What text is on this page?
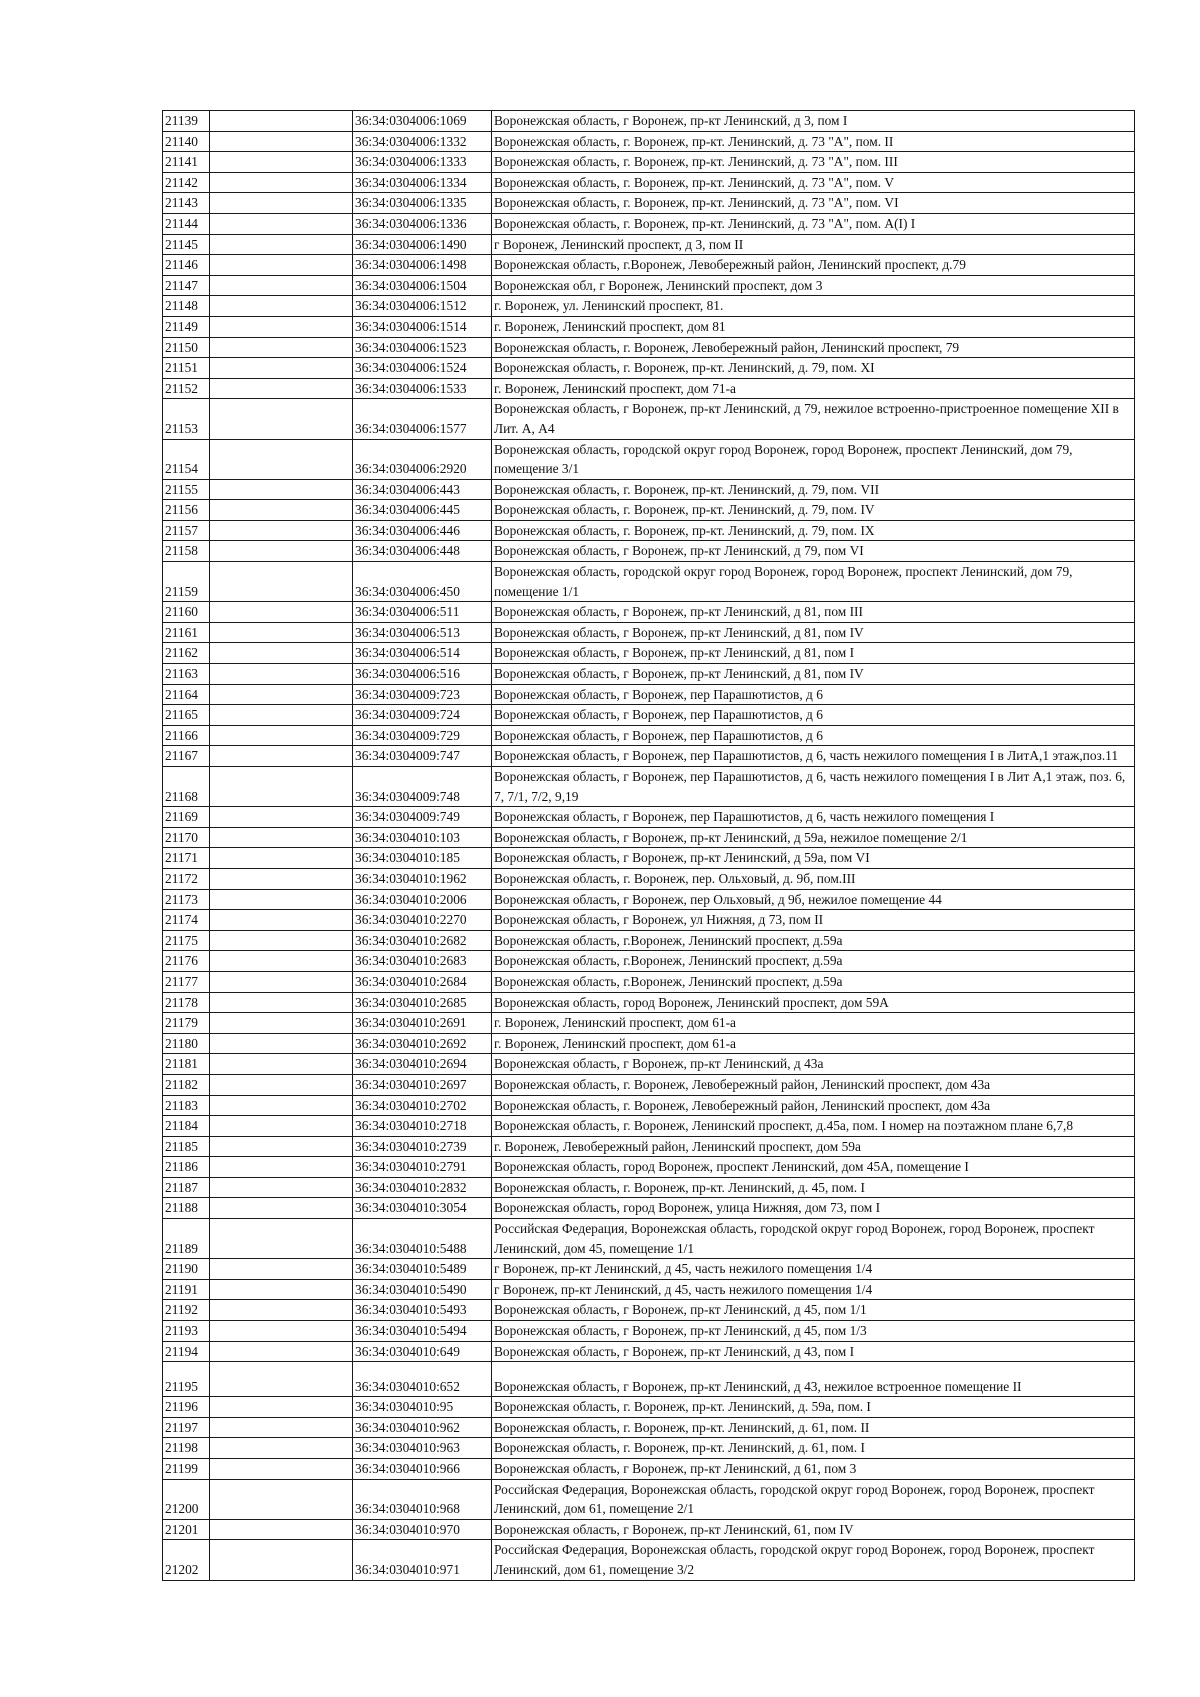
21139		36:34:0304006:1069	Воронежская область, г Воронеж, пр-кт Ленинский, д 3, пом I
21140		36:34:0304006:1332	Воронежская область, г. Воронеж, пр-кт. Ленинский, д. 73 "А", пом. II
21141		36:34:0304006:1333	Воронежская область, г. Воронеж, пр-кт. Ленинский, д. 73 "А", пом. III
21142		36:34:0304006:1334	Воронежская область, г. Воронеж, пр-кт. Ленинский, д. 73 "А", пом. V
21143		36:34:0304006:1335	Воронежская область, г. Воронеж, пр-кт. Ленинский, д. 73 "А", пом. VI
21144		36:34:0304006:1336	Воронежская область, г. Воронеж, пр-кт. Ленинский, д. 73 "А", пом. А(I) I
21145		36:34:0304006:1490	г Воронеж, Ленинский проспект, д 3, пом II
21146		36:34:0304006:1498	Воронежская область, г.Воронеж, Левобережный район, Ленинский проспект, д.79
21147		36:34:0304006:1504	Воронежская обл, г Воронеж, Ленинский проспект, дом 3
21148		36:34:0304006:1512	г. Воронеж, ул. Ленинский проспект, 81.
21149		36:34:0304006:1514	г. Воронеж, Ленинский проспект, дом 81
21150		36:34:0304006:1523	Воронежская область, г. Воронеж, Левобережный район, Ленинский проспект, 79
21151		36:34:0304006:1524	Воронежская область, г. Воронеж, пр-кт. Ленинский, д. 79, пом. XI
21152		36:34:0304006:1533	г. Воронеж, Ленинский проспект, дом 71-а
21153		36:34:0304006:1577	Воронежская область, г Воронеж, пр-кт Ленинский, д 79, нежилое встроенно-пристроенное помещение XII в Лит. А, А4
21154		36:34:0304006:2920	Воронежская область, городской округ город Воронеж, город Воронеж, проспект Ленинский, дом 79, помещение 3/1
21155		36:34:0304006:443	Воронежская область, г. Воронеж, пр-кт. Ленинский, д. 79, пом. VII
21156		36:34:0304006:445	Воронежская область, г. Воронеж, пр-кт. Ленинский, д. 79, пом. IV
21157		36:34:0304006:446	Воронежская область, г. Воронеж, пр-кт. Ленинский, д. 79, пом. IX
21158		36:34:0304006:448	Воронежская область, г Воронеж, пр-кт Ленинский, д 79, пом VI
21159		36:34:0304006:450	Воронежская область, городской округ город Воронеж, город Воронеж, проспект Ленинский, дом 79, помещение 1/1
21160		36:34:0304006:511	Воронежская область, г Воронеж, пр-кт Ленинский, д 81, пом III
21161		36:34:0304006:513	Воронежская область, г Воронеж, пр-кт Ленинский, д 81, пом IV
21162		36:34:0304006:514	Воронежская область, г Воронеж, пр-кт Ленинский, д 81, пом I
21163		36:34:0304006:516	Воронежская область, г Воронеж, пр-кт Ленинский, д 81, пом IV
21164		36:34:0304009:723	Воронежская область, г Воронеж, пер Парашютистов, д 6
21165		36:34:0304009:724	Воронежская область, г Воронеж, пер Парашютистов, д 6
21166		36:34:0304009:729	Воронежская область, г Воронеж, пер Парашютистов, д 6
21167		36:34:0304009:747	Воронежская область, г Воронеж, пер Парашютистов, д 6, часть нежилого помещения I в ЛитА,1 этаж,поз.11
21168		36:34:0304009:748	Воронежская область, г Воронеж, пер Парашютистов, д 6, часть нежилого помещения I в Лит А,1 этаж, поз. 6, 7, 7/1, 7/2, 9,19
21169		36:34:0304009:749	Воронежская область, г Воронеж, пер Парашютистов, д 6, часть нежилого помещения I
21170		36:34:0304010:103	Воронежская область, г Воронеж, пр-кт Ленинский, д 59а, нежилое помещение 2/1
21171		36:34:0304010:185	Воронежская область, г Воронеж, пр-кт Ленинский, д 59а, пом VI
21172		36:34:0304010:1962	Воронежская область, г. Воронеж, пер. Ольховый, д. 9б, пом.III
21173		36:34:0304010:2006	Воронежская область, г Воронеж, пер Ольховый, д 9б, нежилое помещение 44
21174		36:34:0304010:2270	Воронежская область, г Воронеж, ул Нижняя, д 73, пом II
21175		36:34:0304010:2682	Воронежская область, г.Воронеж, Ленинский проспект, д.59а
21176		36:34:0304010:2683	Воронежская область, г.Воронеж, Ленинский проспект, д.59а
21177		36:34:0304010:2684	Воронежская область, г.Воронеж, Ленинский проспект, д.59а
21178		36:34:0304010:2685	Воронежская область, город Воронеж, Ленинский проспект, дом 59А
21179		36:34:0304010:2691	г. Воронеж, Ленинский проспект, дом 61-а
21180		36:34:0304010:2692	г. Воронеж, Ленинский проспект, дом 61-а
21181		36:34:0304010:2694	Воронежская область, г Воронеж, пр-кт Ленинский, д 43а
21182		36:34:0304010:2697	Воронежская область, г. Воронеж, Левобережный район, Ленинский проспект, дом 43а
21183		36:34:0304010:2702	Воронежская область, г. Воронеж, Левобережный район, Ленинский проспект, дом 43а
21184		36:34:0304010:2718	Воронежская область, г. Воронеж, Ленинский проспект, д.45а, пом. I номер на поэтажном плане 6,7,8
21185		36:34:0304010:2739	г. Воронеж, Левобережный район, Ленинский проспект, дом 59а
21186		36:34:0304010:2791	Воронежская область, город Воронеж, проспект Ленинский, дом 45А, помещение I
21187		36:34:0304010:2832	Воронежская область, г. Воронеж, пр-кт. Ленинский, д. 45, пом. I
21188		36:34:0304010:3054	Воронежская область, город Воронеж, улица Нижняя, дом 73, пом I
21189		36:34:0304010:5488	Российская Федерация, Воронежская область, городской округ город Воронеж, город Воронеж, проспект Ленинский, дом 45, помещение 1/1
21190		36:34:0304010:5489	г Воронеж, пр-кт Ленинский, д 45, часть нежилого помещения 1/4
21191		36:34:0304010:5490	г Воронеж, пр-кт Ленинский, д 45, часть нежилого помещения 1/4
21192		36:34:0304010:5493	Воронежская область, г Воронеж, пр-кт Ленинский, д 45, пом 1/1
21193		36:34:0304010:5494	Воронежская область, г Воронеж, пр-кт Ленинский, д 45, пом 1/3
21194		36:34:0304010:649	Воронежская область, г Воронеж, пр-кт Ленинский, д 43, пом I
21195		36:34:0304010:652	Воронежская область, г Воронеж, пр-кт Ленинский, д 43, нежилое встроенное помещение II
21196		36:34:0304010:95	Воронежская область, г. Воронеж, пр-кт. Ленинский, д. 59а, пом. I
21197		36:34:0304010:962	Воронежская область, г. Воронеж, пр-кт. Ленинский, д. 61, пом. II
21198		36:34:0304010:963	Воронежская область, г. Воронеж, пр-кт. Ленинский, д. 61, пом. I
21199		36:34:0304010:966	Воронежская область, г Воронеж, пр-кт Ленинский, д 61, пом 3
21200		36:34:0304010:968	Российская Федерация, Воронежская область, городской округ город Воронеж, город Воронеж, проспект Ленинский, дом 61, помещение 2/1
21201		36:34:0304010:970	Воронежская область, г Воронеж, пр-кт Ленинский, 61, пом IV
21202		36:34:0304010:971	Российская Федерация, Воронежская область, городской округ город Воронеж, город Воронеж, проспект Ленинский, дом 61, помещение 3/2
